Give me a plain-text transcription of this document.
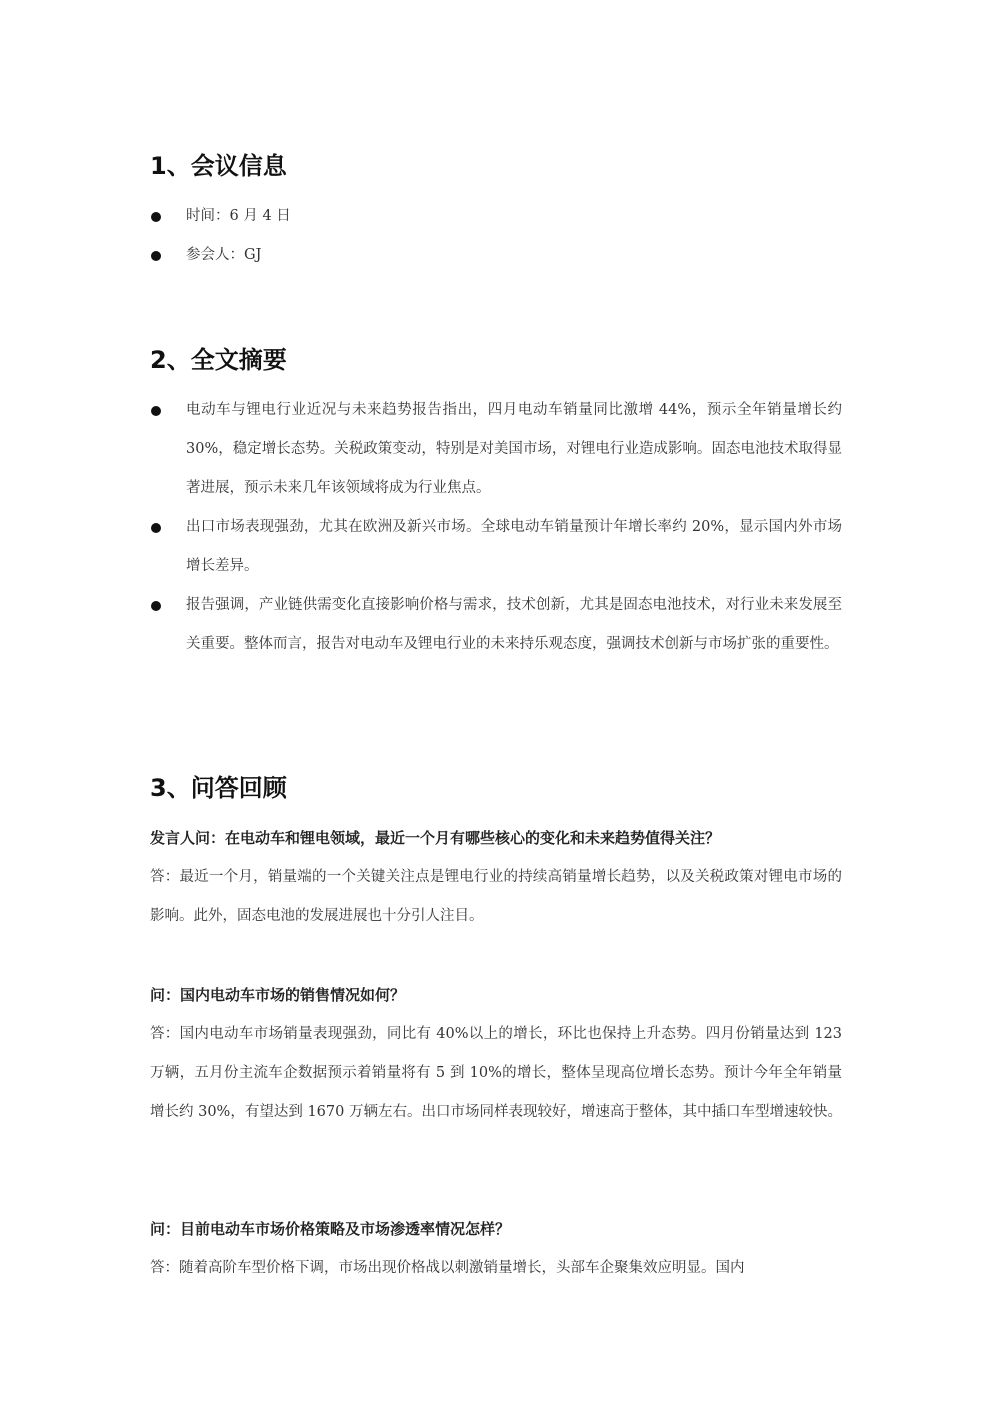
1、会议信息
时间：6 月 4 日
参会人：GJ
2、全文摘要
电动车与锂电行业近况与未来趋势报告指出，四月电动车销量同比激增 44%，预示全年销量增长约 30%，稳定增长态势。关税政策变动，特别是对美国市场，对锂电行业造成影响。固态电池技术取得显著进展，预示未来几年该领域将成为行业焦点。
出口市场表现强劲，尤其在欧洲及新兴市场。全球电动车销量预计年增长率约 20%，显示国内外市场增长差异。
报告强调，产业链供需变化直接影响价格与需求，技术创新，尤其是固态电池技术，对行业未来发展至关重要。整体而言，报告对电动车及锂电行业的未来持乐观态度，强调技术创新与市场扩张的重要性。
3、问答回顾

发言人问：在电动车和锂电领域，最近一个月有哪些核心的变化和未来趋势值得关注？

答：最近一个月，销量端的一个关键关注点是锂电行业的持续高销量增长趋势，以及关税政策对锂电市场的影响。此外，固态电池的发展进展也十分引人注目。

问：国内电动车市场的销售情况如何？

答：国内电动车市场销量表现强劲，同比有 40%以上的增长，环比也保持上升态势。四月份销量达到 123 万辆，五月份主流车企数据预示着销量将有 5 到 10%的增长，整体呈现高位增长态势。预计今年全年销量增长约 30%，有望达到 1670 万辆左右。出口市场同样表现较好，增速高于整体，其中插口车型增速较快。

问：目前电动车市场价格策略及市场渗透率情况怎样？

答：随着高阶车型价格下调，市场出现价格战以刺激销量增长，头部车企聚集效应明显。国内
